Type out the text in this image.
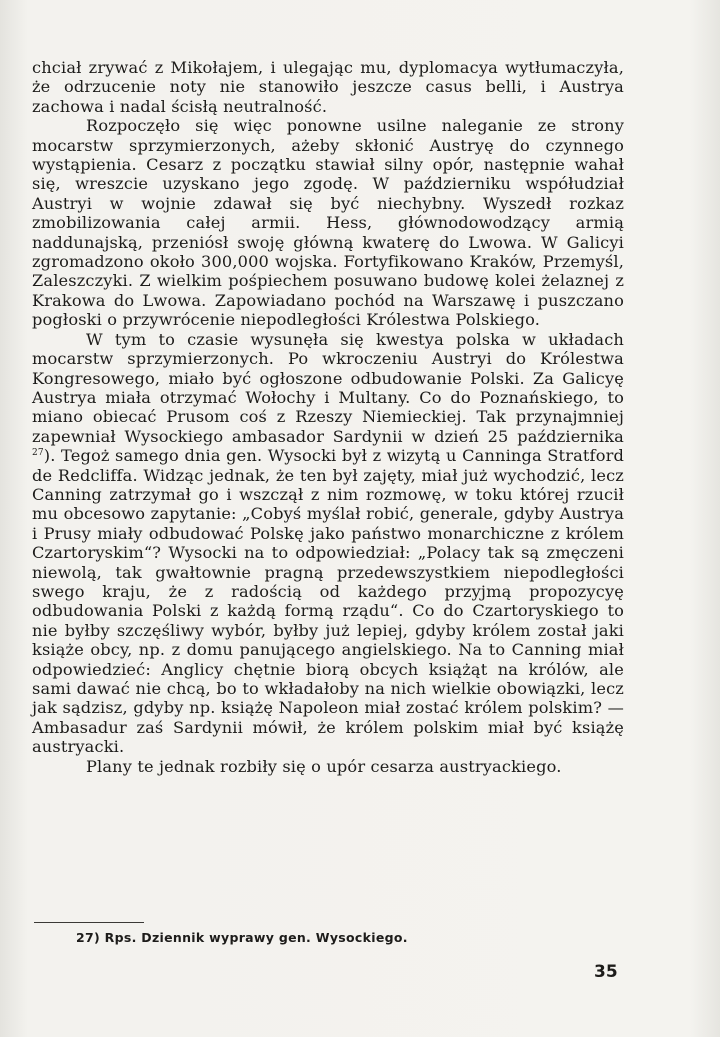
chciał zrywać z Mikołajem, i ulegając mu, dyplomacya wytłumaczyła, że odrzucenie noty nie stanowiło jeszcze casus belli, i Austrya zachowa i nadal ścisłą neutralność.

Rozpoczęło się więc ponowne usilne naleganie ze strony mocarstw sprzymierzonych, ażeby skłonić Austryę do czynnego wystąpienia. Cesarz z początku stawiał silny opór, następnie wahał się, wreszcie uzyskano jego zgodę. W październiku współudział Austryi w wojnie zdawał się być niechybny. Wyszedł rozkaz zmobilizowania całej armii. Hess, głównodowodzący armią naddunajską, przeniósł swoję główną kwaterę do Lwowa. W Galicyi zgromadzono około 300,000 wojska. Fortyfikowano Kraków, Przemyśl, Zaleszczyki. Z wielkim pośpiechem posuwano budowę kolei żelaznej z Krakowa do Lwowa. Zapowiadano pochód na Warszawę i puszczano pogłoski o przywrócenie niepodległości Królestwa Polskiego.

W tym to czasie wysunęła się kwestya polska w układach mocarstw sprzymierzonych. Po wkroczeniu Austryi do Królestwa Kongresowego, miało być ogłoszone odbudowanie Polski. Za Galicyę Austrya miała otrzymać Wołochy i Multany. Co do Poznańskiego, to miano obiecać Prusom coś z Rzeszy Niemieckiej. Tak przynajmniej zapewniał Wysockiego ambasador Sardynii w dzień 25 października $^{27}$). Tegoż samego dnia gen. Wysocki był z wizytą u Canninga Stratford de Redcliffa. Widząc jednak, że ten był zajęty, miał już wychodzić, lecz Canning zatrzymał go i wszczął z nim rozmowę, w toku której rzucił mu obcesowo zapytanie: „Cobyś myślał robić, generale, gdyby Austrya i Prusy miały odbudować Polskę jako państwo monarchiczne z królem Czartoryskim“? Wysocki na to odpowiedział: „Polacy tak są zmęczeni niewolą, tak gwałtownie pragną przedewszystkiem niepodległości swego kraju, że z radością od każdego przyjmą propozycyę odbudowania Polski z każdą formą rządu“. Co do Czartoryskiego to nie byłby szczęśliwy wybór, byłby już lepiej, gdyby królem został jaki książe obcy, np. z domu panującego angielskiego. Na to Canning miał odpowiedzieć: Anglicy chętnie biorą obcych książąt na królów, ale sami dawać nie chcą, bo to wkładałoby na nich wielkie obowiązki, lecz jak sądzisz, gdyby np. książę Napoleon miał zostać królem polskim? — Ambasadur zaś Sardynii mówił, że królem polskim miał być książę austryacki.

Plany te jednak rozbiły się o upór cesarza austryackiego.

27) Rps. Dziennik wyprawy gen. Wysockiego.
35
